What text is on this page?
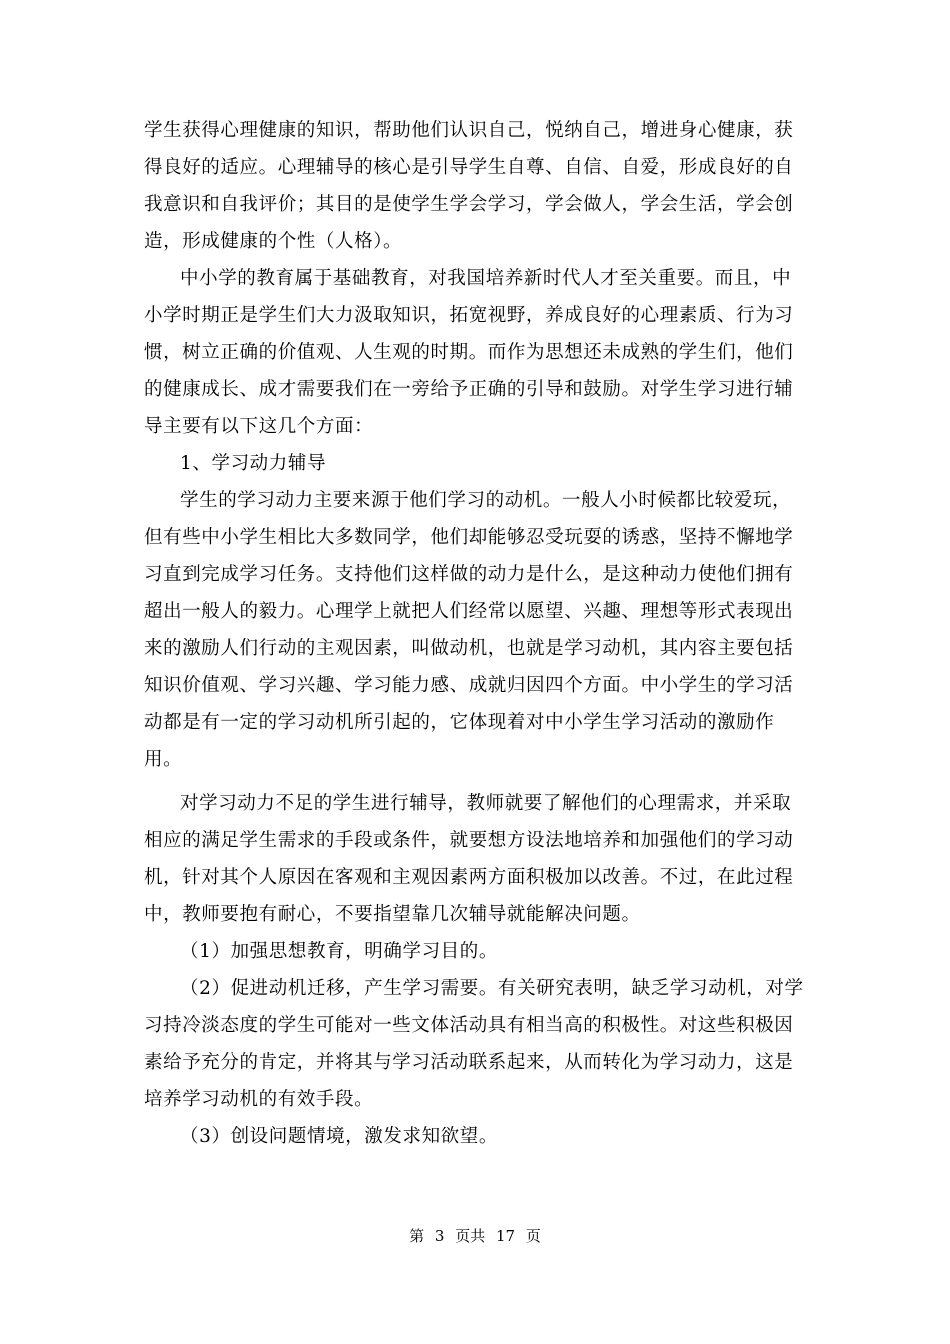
学生获得心理健康的知识，帮助他们认识自己，悦纳自己，增进身心健康，获
得良好的适应。心理辅导的核心是引导学生自尊、自信、自爱，形成良好的自
我意识和自我评价；其目的是使学生学会学习，学会做人，学会生活，学会创
造，形成健康的个性（人格）。
中小学的教育属于基础教育，对我国培养新时代人才至关重要。而且，中
小学时期正是学生们大力汲取知识，拓宽视野，养成良好的心理素质、行为习
惯，树立正确的价值观、人生观的时期。而作为思想还未成熟的学生们，他们
的健康成长、成才需要我们在一旁给予正确的引导和鼓励。对学生学习进行辅
导主要有以下这几个方面：
1、学习动力辅导
学生的学习动力主要来源于他们学习的动机。一般人小时候都比较爱玩，
但有些中小学生相比大多数同学，他们却能够忍受玩耍的诱惑，坚持不懈地学
习直到完成学习任务。支持他们这样做的动力是什么，是这种动力使他们拥有
超出一般人的毅力。心理学上就把人们经常以愿望、兴趣、理想等形式表现出
来的激励人们行动的主观因素，叫做动机，也就是学习动机，其内容主要包括
知识价值观、学习兴趣、学习能力感、成就归因四个方面。中小学生的学习活
动都是有一定的学习动机所引起的，它体现着对中小学生学习活动的激励作
用。
对学习动力不足的学生进行辅导，教师就要了解他们的心理需求，并采取
相应的满足学生需求的手段或条件，就要想方设法地培养和加强他们的学习动
机，针对其个人原因在客观和主观因素两方面积极加以改善。不过，在此过程
中，教师要抱有耐心，不要指望靠几次辅导就能解决问题。
（1）加强思想教育，明确学习目的。
（2）促进动机迁移，产生学习需要。有关研究表明，缺乏学习动机，对学
习持冷淡态度的学生可能对一些文体活动具有相当高的积极性。对这些积极因
素给予充分的肯定，并将其与学习活动联系起来，从而转化为学习动力，这是
培养学习动机的有效手段。
（3）创设问题情境，激发求知欲望。
第 3 页共 17 页
